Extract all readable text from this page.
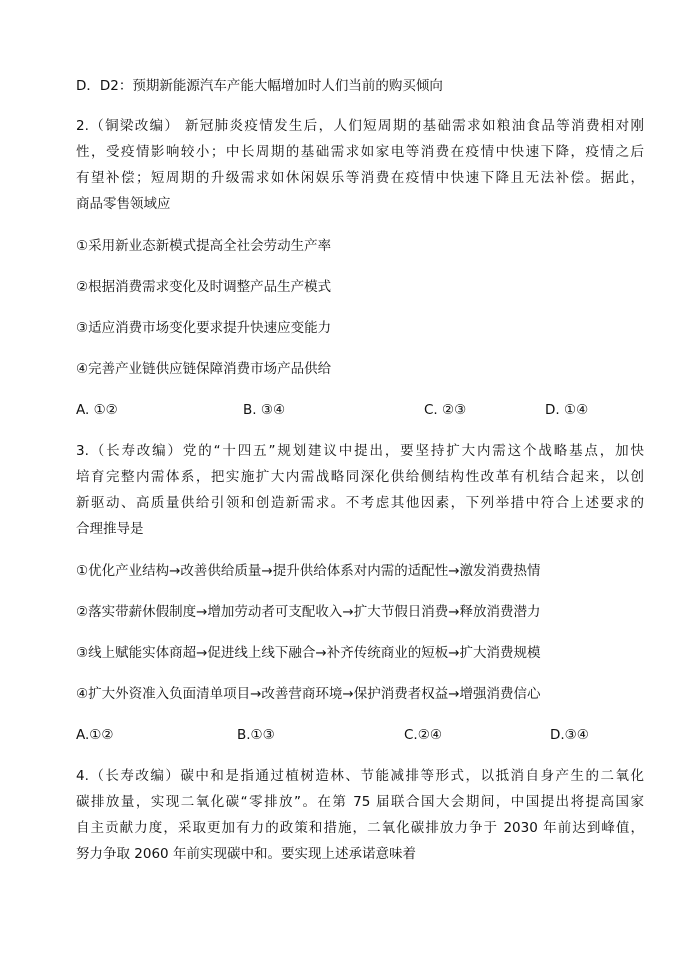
D．D2：预期新能源汽车产能大幅增加时人们当前的购买倾向
2.（铜梁改编） 新冠肺炎疫情发生后，人们短周期的基础需求如粮油食品等消费相对刚
性，受疫情影响较小；中长周期的基础需求如家电等消费在疫情中快速下降，疫情之后
有望补偿；短周期的升级需求如休闲娱乐等消费在疫情中快速下降且无法补偿。据此，
商品零售领域应
①采用新业态新模式提高全社会劳动生产率
②根据消费需求变化及时调整产品生产模式
③适应消费市场变化要求提升快速应变能力
④完善产业链供应链保障消费市场产品供给
A. ①②	B. ③④	C. ②③	D. ①④
3.（长寿改编）党的“十四五”规划建议中提出，要坚持扩大内需这个战略基点，加快
培育完整内需体系，把实施扩大内需战略同深化供给侧结构性改革有机结合起来，以创
新驱动、高质量供给引领和创造新需求。不考虑其他因素，下列举措中符合上述要求的
合理推导是
①优化产业结构→改善供给质量→提升供给体系对内需的适配性→激发消费热情
②落实带薪休假制度→增加劳动者可支配收入→扩大节假日消费→释放消费潜力
③线上赋能实体商超→促进线上线下融合→补齐传统商业的短板→扩大消费规模
④扩大外资准入负面清单项目→改善营商环境→保护消费者权益→增强消费信心
A.①②	B.①③	C.②④	D.③④
4.（长寿改编）碳中和是指通过植树造林、节能减排等形式，以抵消自身产生的二氧化
碳排放量，实现二氧化碳“零排放”。在第 75 届联合国大会期间，中国提出将提高国家
自主贡献力度，采取更加有力的政策和措施，二氧化碳排放力争于 2030 年前达到峰值，
努力争取 2060 年前实现碳中和。要实现上述承诺意味着
